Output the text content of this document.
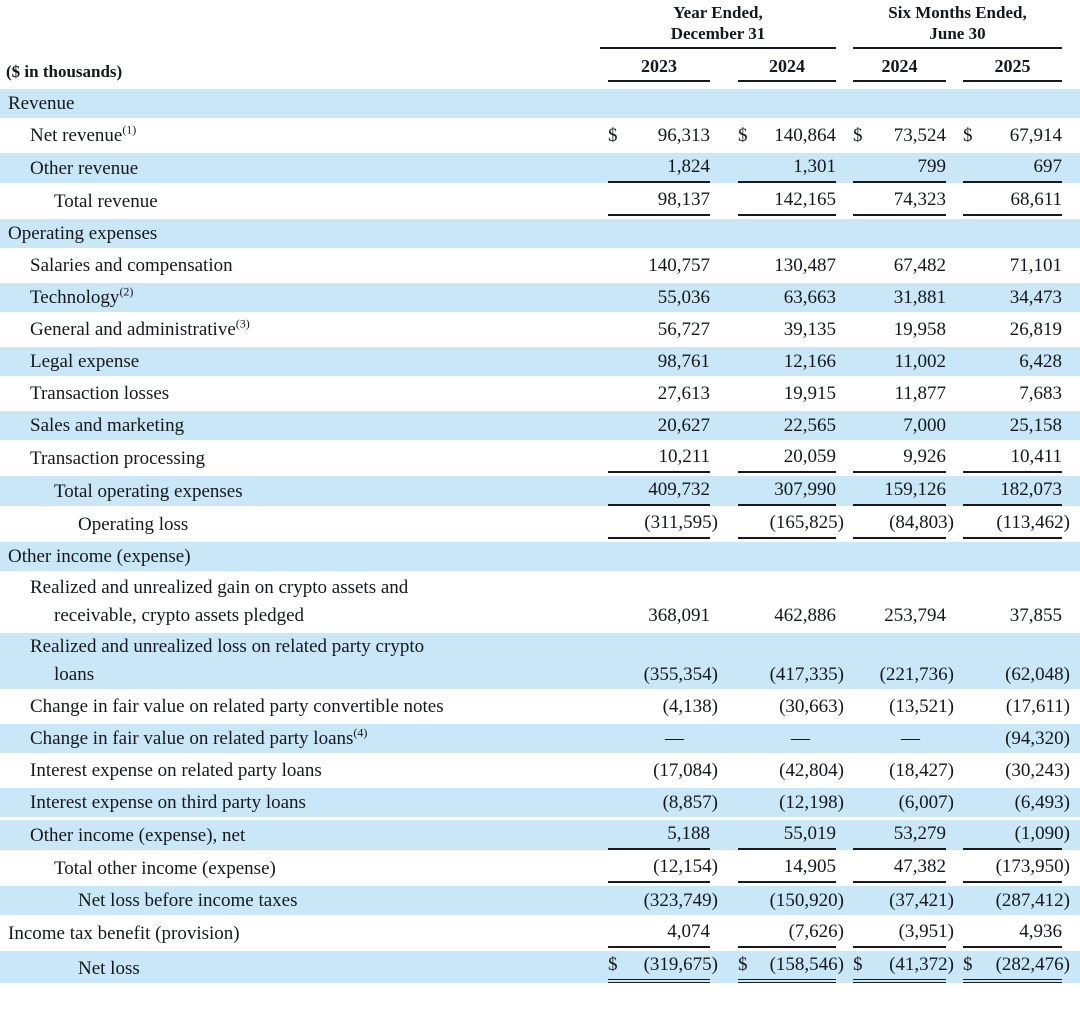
Year Ended,
December 31

Six Months Ended,
June 30

($ in thousands)	2023	2024	2024	2025

Revenue				

Net revenue$^{(1)}$	$ 96,313	$ 140,864	$ 73,524	$ 67,914

Other revenue	1,824	1,301	799	697

Total revenue	98,137	142,165	74,323	68,611

Operating expenses				

Salaries and compensation	140,757	130,487	67,482	71,101

Technology$^{(2)}$	55,036	63,663	31,881	34,473

General and administrative$^{(3)}$	56,727	39,135	19,958	26,819

Legal expense	98,761	12,166	11,002	6,428

Transaction losses	27,613	19,915	11,877	7,683

Sales and marketing	20,627	22,565	7,000	25,158

Transaction processing	10,211	20,059	9,926	10,411

Total operating expenses	409,732	307,990	159,126	182,073

Operating loss	(311,595)	(165,825)	(84,803)	(113,462)

Other income (expense)				

Realized and unrealized gain on crypto assets and
receivable, crypto assets pledged	368,091	462,886	253,794	37,855

Realized and unrealized loss on related party crypto
loans	(355,354)	(417,335)	(221,736)	(62,048)

Change in fair value on related party convertible notes	(4,138)	(30,663)	(13,521)	(17,611)

Change in fair value on related party loans$^{(4)}$	—	—	—	(94,320)

Interest expense on related party loans	(17,084)	(42,804)	(18,427)	(30,243)

Interest expense on third party loans	(8,857)	(12,198)	(6,007)	(6,493)

Other income (expense), net	5,188	55,019	53,279	(1,090)

Total other income (expense)	(12,154)	14,905	47,382	(173,950)

Net loss before income taxes	(323,749)	(150,920)	(37,421)	(287,412)

Income tax benefit (provision)	4,074	(7,626)	(3,951)	4,936

Net loss	$ (319,675)	$ (158,546)	$ (41,372)	$ (282,476)
